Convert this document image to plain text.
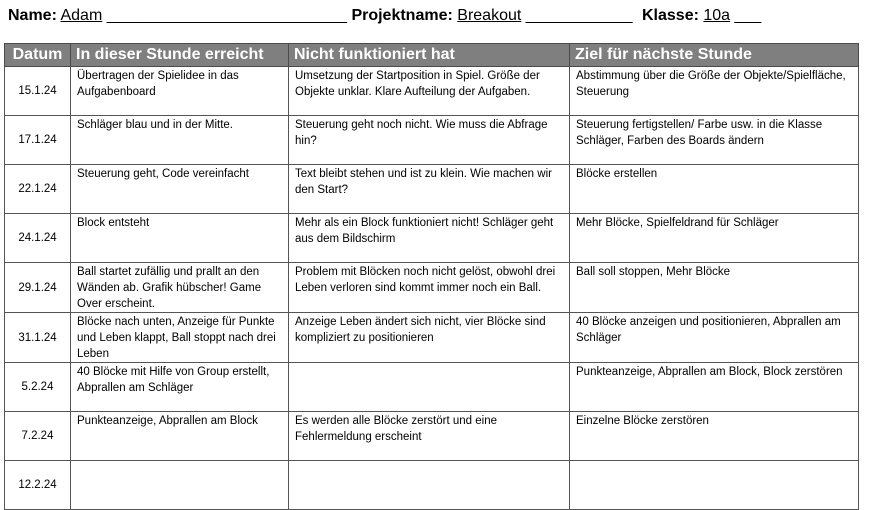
Name: Adam ___________________________ Projektname: Breakout ____________ Klasse: 10a ___
Datum	In dieser Stunde erreicht	Nicht funktioniert hat	Ziel für nächste Stunde
15.1.24	Übertragen der Spielidee in das Aufgabenboard	Umsetzung der Startposition in Spiel. Größe der Objekte unklar. Klare Aufteilung der Aufgaben.	Abstimmung über die Größe der Objekte/Spielfläche, Steuerung
17.1.24	Schläger blau und in der Mitte.	Steuerung geht noch nicht. Wie muss die Abfrage hin?	Steuerung fertigstellen/ Farbe usw. in die Klasse Schläger, Farben des Boards ändern
22.1.24	Steuerung geht, Code vereinfacht	Text bleibt stehen und ist zu klein. Wie machen wir den Start?	Blöcke erstellen
24.1.24	Block entsteht	Mehr als ein Block funktioniert nicht! Schläger geht aus dem Bildschirm	Mehr Blöcke, Spielfeldrand für Schläger
29.1.24	Ball startet zufällig und prallt an den Wänden ab. Grafik hübscher! Game Over erscheint.	Problem mit Blöcken noch nicht gelöst, obwohl drei Leben verloren sind kommt immer noch ein Ball.	Ball soll stoppen, Mehr Blöcke
31.1.24	Blöcke nach unten, Anzeige für Punkte und Leben klappt, Ball stoppt nach drei Leben	Anzeige Leben ändert sich nicht, vier Blöcke sind kompliziert zu positionieren	40 Blöcke anzeigen und positionieren, Abprallen am Schläger
5.2.24	40 Blöcke mit Hilfe von Group erstellt, Abprallen am Schläger		Punkteanzeige, Abprallen am Block, Block zerstören
7.2.24	Punkteanzeige, Abprallen am Block	Es werden alle Blöcke zerstört und eine Fehlermeldung erscheint	Einzelne Blöcke zerstören
12.2.24			
